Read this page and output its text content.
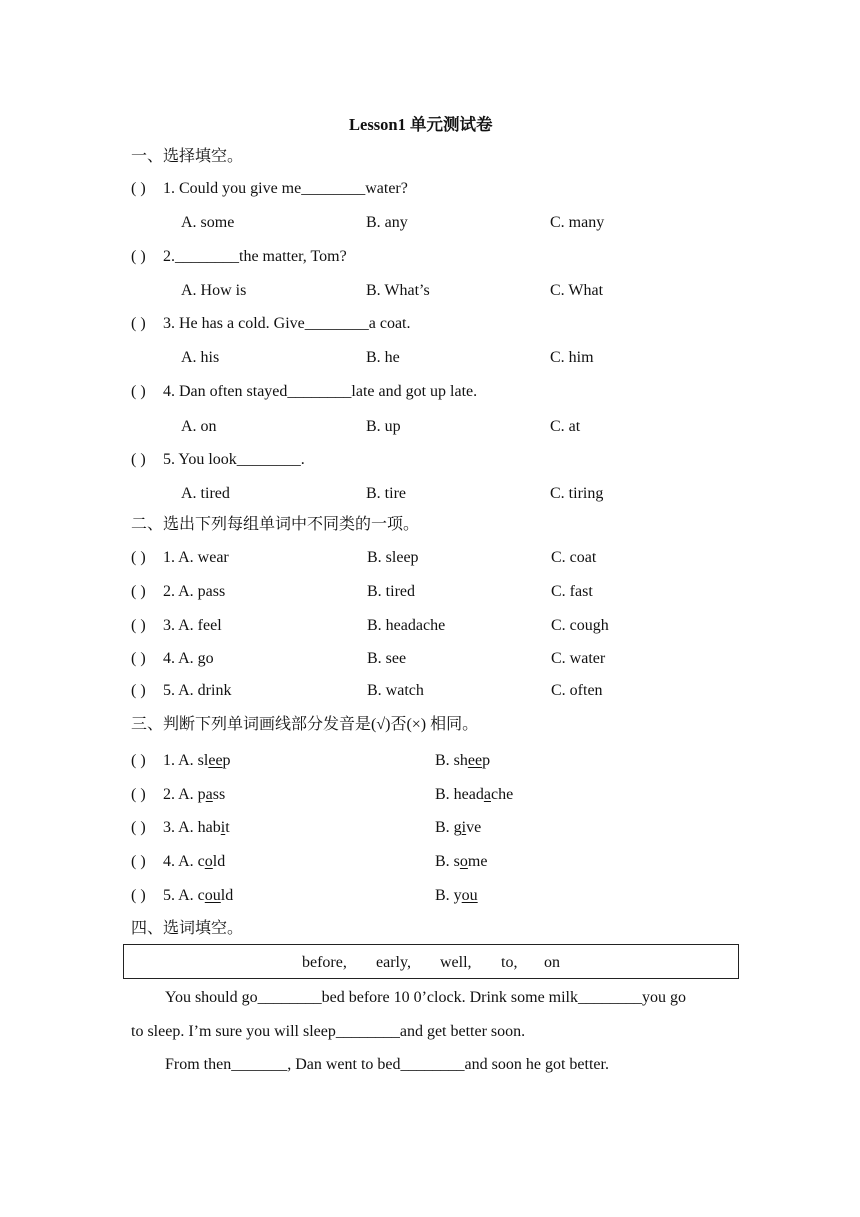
Lesson1 单元测试卷
一、选择填空。
( ) 1. Could you give me________water?
A. some	B. any	C. many
( ) 2.________the matter, Tom?
A. How is	B. What’s	C. What
( ) 3. He has a cold. Give________a coat.
A. his	B. he	C. him
( ) 4. Dan often stayed________late and got up late.
A. on	B. up	C. at
( ) 5. You look________.
A. tired	B. tire	C. tiring
二、选出下列每组单词中不同类的一项。
( ) 1. A. wear	B. sleep	C. coat
( ) 2. A. pass	B. tired	C. fast
( ) 3. A. feel	B. headache	C. cough
( ) 4. A. go	B. see	C. water
( ) 5. A. drink	B. watch	C. often
三、判断下列单词画线部分发音是(√)否(×) 相同。
( ) 1. A. sleep	B. sheep
( ) 2. A. pass	B. headache
( ) 3. A. habit	B. give
( ) 4. A. cold	B. some
( ) 5. A. could	B. you
四、选词填空。
before, early, well, to, on
You should go________bed before 10 0’clock. Drink some milk________you go
to sleep. I’m sure you will sleep________and get better soon.
From then_______, Dan went to bed________and soon he got better.
